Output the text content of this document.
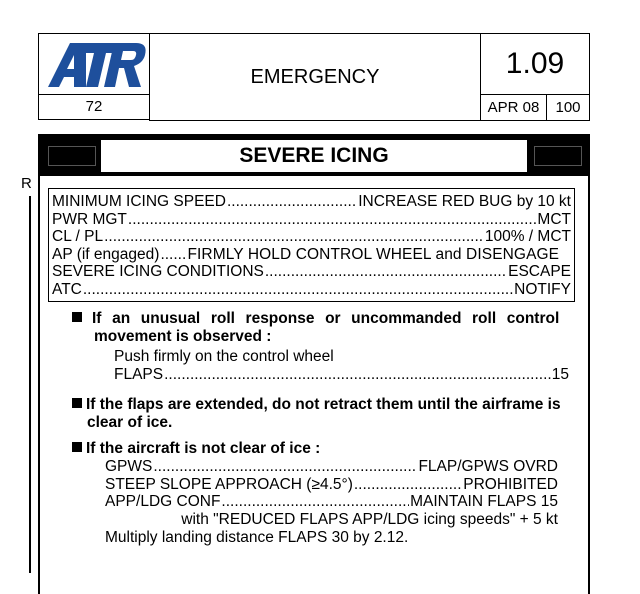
72
EMERGENCY	1.09
APR 08 100
R
SEVERE ICING
MINIMUM ICING SPEED .....	INCREASE RED BUG by 10 kt
PWR MGT .....	MCT
CL / PL .....	100% / MCT
AP (if engaged) ..... FIRMLY HOLD CONTROL WHEEL and DISENGAGE
SEVERE ICING CONDITIONS .....	ESCAPE
ATC .....	NOTIFY
If  an  unusual  roll  response  or  uncommanded  roll  control
movement is observed :
Push firmly on the control wheel
FLAPS .....	15
If the flaps are extended, do not retract them until the airframe is
clear of ice.
If the aircraft is not clear of ice :
GPWS .....	FLAP/GPWS OVRD
STEEP SLOPE APPROACH (≥4.5°) .....	PROHIBITED
APP/LDG CONF .....	MAINTAIN FLAPS 15
with "REDUCED FLAPS APP/LDG icing speeds" + 5 kt
Multiply landing distance FLAPS 30 by 2.12.
